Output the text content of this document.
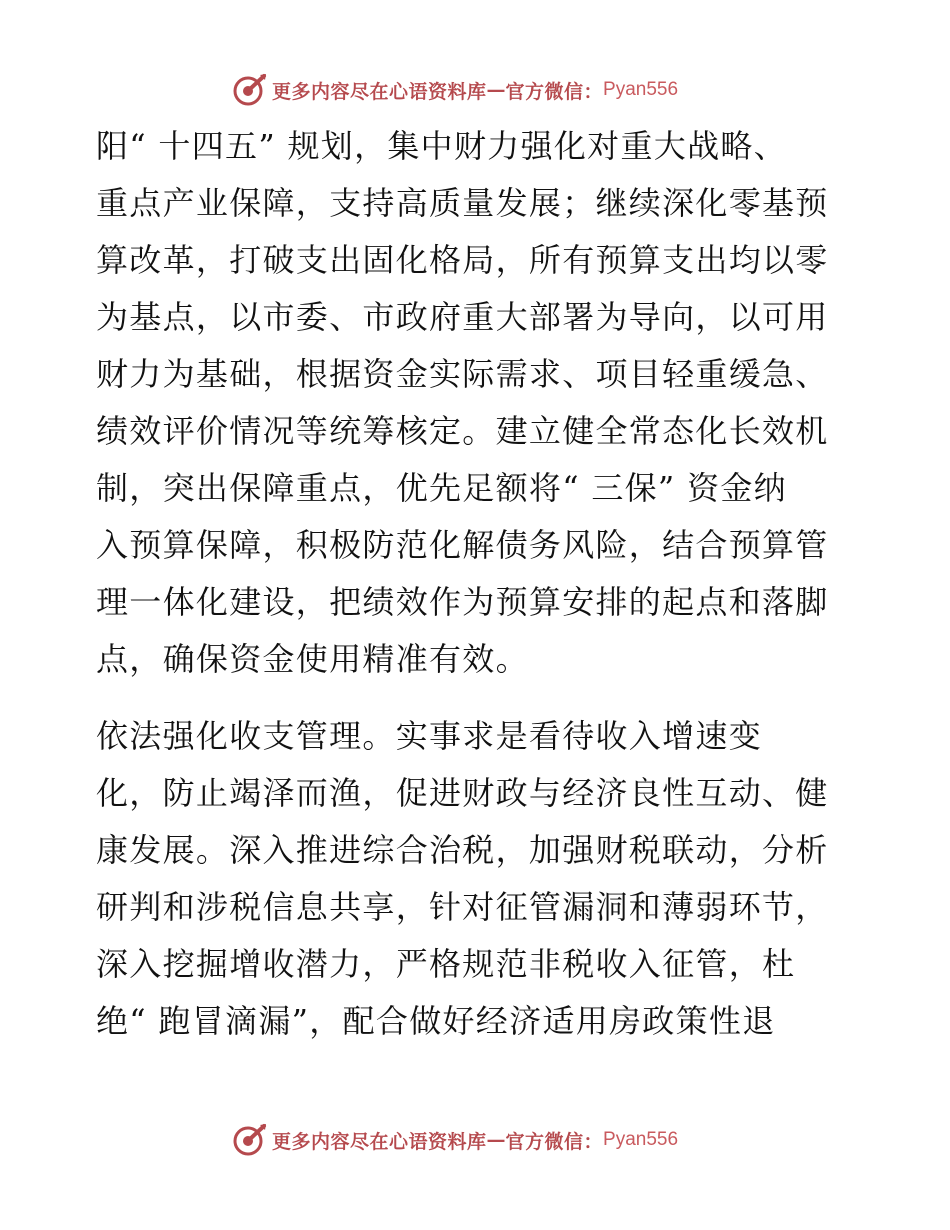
更多内容尽在心语资料库 — 官方微信： Pyan556
阳“ 十四五” 规划，集中财力强化对重大战略、
重点产业保障，支持高质量发展；继续深化零基预
算改革，打破支出固化格局，所有预算支出均以零
为基点，以市委、市政府重大部署为导向，以可用
财力为基础，根据资金实际需求、项目轻重缓急、
绩效评价情况等统筹核定。建立健全常态化长效机
制，突出保障重点，优先足额将“ 三保” 资金纳
入预算保障，积极防范化解债务风险，结合预算管
理一体化建设，把绩效作为预算安排的起点和落脚
点，确保资金使用精准有效。
依法强化收支管理。实事求是看待收入增速变
化，防止竭泽而渔，促进财政与经济良性互动、健
康发展。深入推进综合治税，加强财税联动，分析
研判和涉税信息共享，针对征管漏洞和薄弱环节，
深入挖掘增收潜力，严格规范非税收入征管，杜
绝“ 跑冒滴漏”，配合做好经济适用房政策性退
更多内容尽在心语资料库 — 官方微信： Pyan556
